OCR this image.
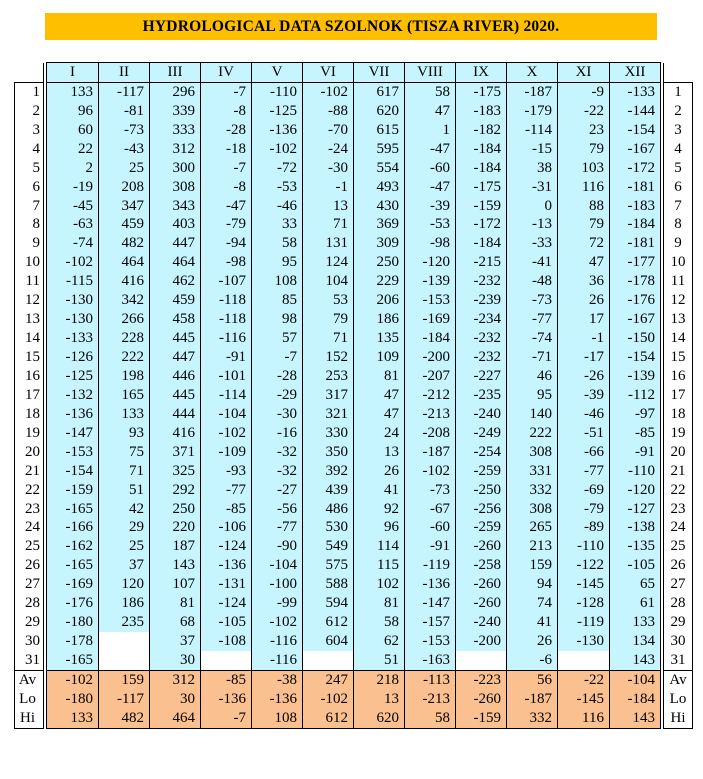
HYDROLOGICAL DATA SZOLNOK (TISZA RIVER) 2020.
		I	II	III	IV	V	VI	VII	VIII	IX	X	XI	XII		
1		133	-117	296	-7	-110	-102	617	58	-175	-187	-9	-133		1
2		96	-81	339	-8	-125	-88	620	47	-183	-179	-22	-144		2
3		60	-73	333	-28	-136	-70	615	1	-182	-114	23	-154		3
4		22	-43	312	-18	-102	-24	595	-47	-184	-15	79	-167		4
5		2	25	300	-7	-72	-30	554	-60	-184	38	103	-172		5
6		-19	208	308	-8	-53	-1	493	-47	-175	-31	116	-181		6
7		-45	347	343	-47	-46	13	430	-39	-159	0	88	-183		7
8		-63	459	403	-79	33	71	369	-53	-172	-13	79	-184		8
9		-74	482	447	-94	58	131	309	-98	-184	-33	72	-181		9
10		-102	464	464	-98	95	124	250	-120	-215	-41	47	-177		10
11		-115	416	462	-107	108	104	229	-139	-232	-48	36	-178		11
12		-130	342	459	-118	85	53	206	-153	-239	-73	26	-176		12
13		-130	266	458	-118	98	79	186	-169	-234	-77	17	-167		13
14		-133	228	445	-116	57	71	135	-184	-232	-74	-1	-150		14
15		-126	222	447	-91	-7	152	109	-200	-232	-71	-17	-154		15
16		-125	198	446	-101	-28	253	81	-207	-227	46	-26	-139		16
17		-132	165	445	-114	-29	317	47	-212	-235	95	-39	-112		17
18		-136	133	444	-104	-30	321	47	-213	-240	140	-46	-97		18
19		-147	93	416	-102	-16	330	24	-208	-249	222	-51	-85		19
20		-153	75	371	-109	-32	350	13	-187	-254	308	-66	-91		20
21		-154	71	325	-93	-32	392	26	-102	-259	331	-77	-110		21
22		-159	51	292	-77	-27	439	41	-73	-250	332	-69	-120		22
23		-165	42	250	-85	-56	486	92	-67	-256	308	-79	-127		23
24		-166	29	220	-106	-77	530	96	-60	-259	265	-89	-138		24
25		-162	25	187	-124	-90	549	114	-91	-260	213	-110	-135		25
26		-165	37	143	-136	-104	575	115	-119	-258	159	-122	-105		26
27		-169	120	107	-131	-100	588	102	-136	-260	94	-145	65		27
28		-176	186	81	-124	-99	594	81	-147	-260	74	-128	61		28
29		-180	235	68	-105	-102	612	58	-157	-240	41	-119	133		29
30		-178		37	-108	-116	604	62	-153	-200	26	-130	134		30
31		-165		30		-116		51	-163		-6		143		31
Av		-102	159	312	-85	-38	247	218	-113	-223	56	-22	-104		Av
Lo		-180	-117	30	-136	-136	-102	13	-213	-260	-187	-145	-184		Lo
Hi		133	482	464	-7	108	612	620	58	-159	332	116	143		Hi
